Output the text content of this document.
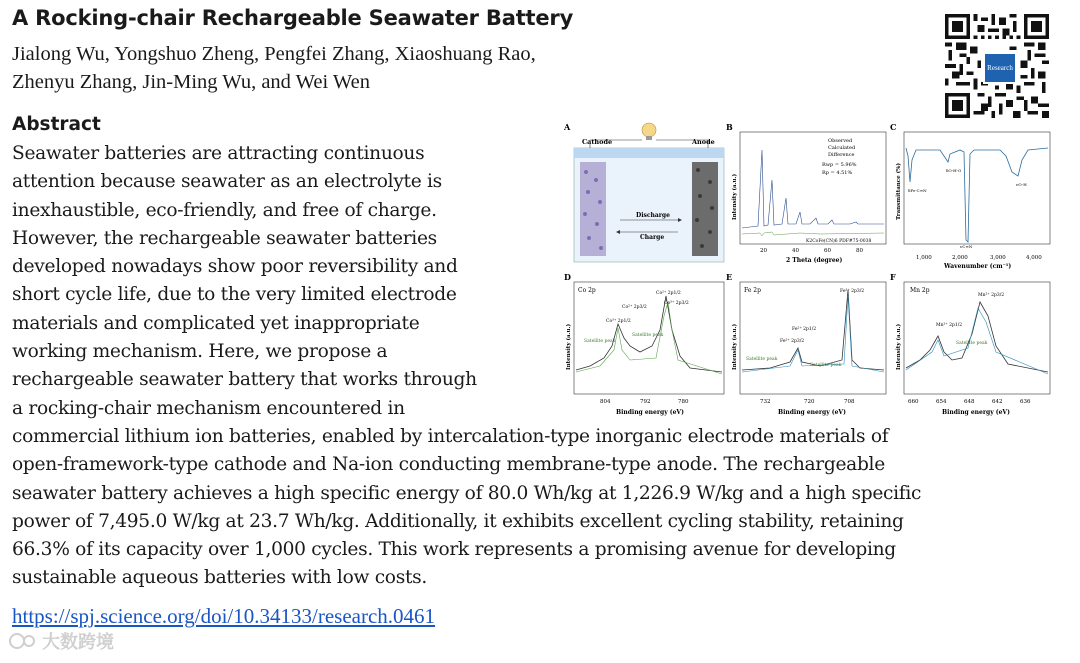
A Rocking-chair Rechargeable Seawater Battery
Jialong Wu, Yongshuo Zheng, Pengfei Zhang, Xiaoshuang Rao,
Zhenyu Zhang, Jin-Ming Wu, and Wei Wen
Research
Abstract
Seawater batteries are attracting continuous
attention because seawater as an electrolyte is
inexhaustible, eco-friendly, and free of charge.
However, the rechargeable seawater batteries
developed nowadays show poor reversibility and
short cycle life, due to the very limited electrode
materials and complicated yet inappropriate
working mechanism. Here, we propose a
rechargeable seawater battery that works through
a rocking-chair mechanism encountered in
commercial lithium ion batteries, enabled by intercalation-type inorganic electrode materials of
open-framework-type cathode and Na-ion conducting membrane-type anode. The rechargeable
seawater battery achieves a high specific energy of 80.0 Wh/kg at 1,226.9 W/kg and a high specific
power of 7,495.0 W/kg at 23.7 Wh/kg. Additionally, it exhibits excellent cycling stability, retaining
66.3% of its capacity over 1,000 cycles. This work represents a promising avenue for developing
sustainable aqueous batteries with low costs.
https://spj.science.org/doi/10.34133/research.0461
A
Cathode	Anode
Discharge
Charge
B
Observed
Calculated
Difference
Rwp = 5.96%
Rp = 4.51%
K2CoFe(CN)6 PDF#75-0038
20	40	60	80
2 Theta (degree)
Intensity (a.u.)
C
δFe-C≡N
δO-H-O
νC≡N
νO-H
1,000	2,000	3,000	4,000
Wavenumber (cm⁻¹)
Transmittance (%)
D
Co 2p
Co³⁺ 2p1/2
Co²⁺ 2p3/2
Co²⁺ 2p1/2
Co³⁺ 2p3/2
Satellite peak
Satellite peak
804	792	780
Binding energy (eV)
Intensity (a.u.)
E
Fe 2p
Fe²⁺ 2p3/2
Fe²⁺ 2p1/2
Fe³⁺ 2p3/2
Satellite peak
Satellite peak
732	720	708
Binding energy (eV)
Intensity (a.u.)
F
Mn 2p
Mn²⁺ 2p1/2
Mn²⁺ 2p3/2
Satellite peak
660	654	648	642	636
Binding energy (eV)
Intensity (a.u.)
大数跨境
